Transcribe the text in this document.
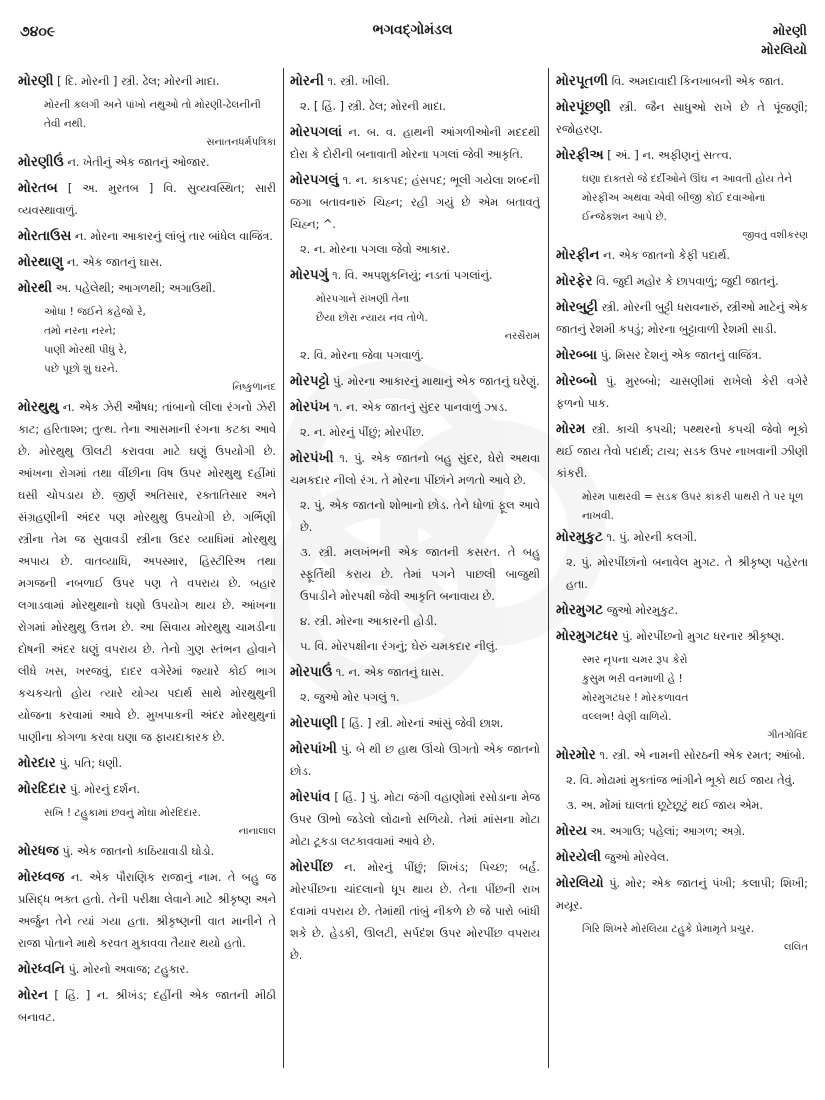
૭૪૦૯	ભગવદ્ગોમંડલ	મોરણી
મોરલિયો
મોરણી [ દિ. મોરની ] સ્ત્રી. ઢેલ; મોરની માદા.
મોરની કલગી અને પાંખો નથુઓ તો મોરણી-ઢેલનીની તેવી નથી.
સનાતનધર્મપત્રિકા
મોરણીઉં ન. ખેતીનું એક જાતનું ઓજાર.
મોરતબ [ અ. મુરતબ ] વિ. સુવ્યવસ્થિત; સારી વ્યવસ્થાવાળું.
મોરતાઉસ ન. મોરના આકારનું લાંબું તાર બાંધેલ વાજિંત્ર.
મોરથાણુ ન. એક જાતનું ઘાસ.
મોરથી અ. પહેલેથી; આગળથી; અગાઉથી.
ઓધા ! જઈને કહેજો રે,
તમો નરના નરને;
પાણી મોરથી પીધું રે,
પછે પૂછો શું ઘરને.
નિષ્કુળાનંદ
મોરથુથુ ન. એક ઝેરી ઔષધ; તાંબાનો લીલા રંગનો ઝેરી કાટ; હરિતાશ્મ; તુત્થ. તેના આસમાની રંગના કટકા આવે છે. મોરથુથુ ઊલટી કરાવવા માટે ઘણું ઉપયોગી છે. આંખના રોગમાં તથા વીંછીના વિષ ઉપર મોરથુથુ દહીંમાં ઘસી ચોપડાય છે. જીર્ણ અતિસાર, રક્તાતિસાર અને સંગ્રહણીની અંદર પણ મોરથુથુ ઉપયોગી છે. ગર્ભિણી સ્ત્રીના તેમ જ સુવાવડી સ્ત્રીના ઉદર વ્યાધિમાં મોરથુથુ અપાય છે. વાતવ્યાધિ, અપસ્માર, હિસ્ટીરિઅ તથા મગજની નબળાઈ ઉપર પણ તે વપરાય છે. બહાર લગાડવામાં મોરથુથાનો ઘણો ઉપયોગ થાય છે. આંખના રોગમાં મોરથુથુ ઉત્તમ છે. આ સિવાય મોરથુથુ ચામડીના દોષની અંદર ઘણું વપરાય છે. તેનો ગુણ સ્તંભન હોવાને લીધે ખસ, ખરજવું, દાદર વગેરેમાં જ્યારે કોઈ ભાગ કચકચતો હોય ત્યારે યોગ્ય પદાર્થ સાથે મોરથુથુની યોજના કરવામાં આવે છે. મુખપાકની અંદર મોરથુથુનાં પાણીના કોગળા કરવા ઘણા જ ફાયદાકારક છે.
મોરદાર પું. પતિ; ધણી.
મોરદિદાર પું. મોરનું દર્શન.
સખિ ! ટહુકામાં છવનું મોંઘા મોરદિદાર.
નાનાલાલ
મોરધજ પું. એક જાતનો કાઠિયાવાડી ઘોડો.
મોરધ્વજ ન. એક પૌરાણિક રાજાનું નામ. તે બહુ જ પ્રસિદ્ધ ભક્ત હતો. તેની પરીક્ષા લેવાને માટે શ્રીકૃષ્ણ અને અર્જુન તેને ત્યાં ગયા હતા. શ્રીકૃષ્ણની વાત માનીને તે રાજા પોતાને માથે કરવત મુકાવવા તૈયાર થયો હતો.
મોરધ્વનિ પું. મોરનો અવાજ; ટહુકાર.
મોરન [ હિં. ] ન. શ્રીખંડ; દહીંની એક જાતની મીઠી બનાવટ.
મોરની ૧. સ્ત્રી. ખીલી.
૨. [ હિં. ] સ્ત્રી. ઢેલ; મોરની માદા.
મોરપગલાં ન. બ. વ. હાથની આંગળીઓની મદદથી દોરા કે દોરીની બનાવાતી મોરના પગલાં જેવી આકૃતિ.
મોરપગલું ૧. ન. કાકપદ; હંસપદ; ભૂલી ગયેલા શબ્દની જગા બતાવનારું ચિહ્ન; રહી ગયું છે એમ બતાવતું ચિહ્ન; ^.
૨. ન. મોરના પગલા જેવો આકાર.
મોરપગું ૧. વિ. અપશુકનિયું; નડતાં પગલાંનું.
મોરપગાને રાંખણી તેના
છૈયા છોરા ન્યાય નવ તોળે.
નરસૈરામ
૨. વિ. મોરના જેવા પગવાળું.
મોરપટ્ટો પું. મોરના આકારનું માથાનું એક જાતનું ઘરેણું.
મોરપંખ ૧. ન. એક જાતનું સુંદર પાનવાળું ઝાડ.
૨. ન. મોરનું પીંછું; મોરપીંછ.
મોરપંખી ૧. પું. એક જાતનો બહુ સુંદર, ઘેરો અથવા ચમકદાર નીલો રંગ. તે મોરના પીંછાંને મળતો આવે છે.
૨. પું. એક જાતનો શોભાનો છોડ. તેને ધોળાં ફૂલ આવે છે.
૩. સ્ત્રી. મલખંભની એક જાતની કસરત. તે બહુ સ્ફૂર્તિથી કરાય છે. તેમાં પગને પાછલી બાજુથી ઉપાડીને મોરપક્ષી જેવી આકૃતિ બનાવાય છે.
૪. સ્ત્રી. મોરના આકારની હોડી.
૫. વિ. મોરપક્ષીના રંગનું; ઘેરું ચમકદાર નીલું.
મોરપાઉં ૧. ન. એક જાતનું ઘાસ.
૨. જુઓ મોર પગલું ૧.
મોરપાણી [ હિં. ] સ્ત્રી. મોરનાં આંસું જેવી છાશ.
મોરપાંખી પું. બે થી છ હાથ ઊંચો ઊગતો એક જાતનો છોડ.
મોરપાંવ [ હિં. ] પું. મોટા જંગી વહાણોમાં રસોડાના મેજ ઉપર ઊભો જડેલો લોઢાનો સળિયો. તેમાં માંસના મોટા મોટા ટૂકડા લટકાવવામાં આવે છે.
મોરપીંછ ન. મોરનું પીંછું; શિખંડ; પિચ્છ; બર્હ. મોરપીંછના ચાંદલાનો ધૂપ થાય છે. તેના પીંછની રાખ દવામાં વપરાય છે. તેમાંથી તાંબું નીકળે છે જે પારો બાંધી શકે છે. હેડકી, ઊલટી, સર્પદંશ ઉપર મોરપીંછ વપરાય છે.
મોરપૂતળી વિ. અમદાવાદી કિનખાબની એક જાત.
મોરપૂંછણી સ્ત્રી. જૈન સાધુઓ રાખે છે તે પૂંજણી; રજોહરણ.
મોરફીઅ [ અં. ] ન. અફીણનું સત્ત્વ.
ઘણા દાક્તરો જે દર્દીઓને ઊંઘ ન આવતી હોય તેને મોરફીઅ અથવા એવી બીજી કોઈ દવાઓનાં ઈન્જેકશન આપે છે.
જીવતું વશીકરણ
મોરફીન ન. એક જાતનો કેફી પદાર્થ.
મોરફેર વિ. જુદી મહોર કે છાપવાળું; જુદી જાતનું.
મોરબુટ્ટી સ્ત્રી. મોરની બુટ્ટી ધરાવનારું, સ્ત્રીઓ માટેનું એક જાતનું રેશમી કપડું; મોરના બુટ્ટાવાળી રેશમી સાડી.
મોરબ્બા પું. મિસર દેશનું એક જાતનું વાજિંત્ર.
મોરબ્બો પું. મુરબ્બો; ચાસણીમાં રાખેલો કેરી વગેરે ફળનો પાક.
મોરમ સ્ત્રી. કાચી કપચી; પથ્થરનો કપચી જેવો ભૂકો થઈ જાય તેવો પદાર્થ; ટાચ; સડક ઉપર નાખવાની ઝીણી કાંકરી.
મોરમ પાથરવી = સડક ઉપર કાંકરી પાથરી તે પર ધૂળ નાખવી.
મોરમુકુટ ૧. પું. મોરની કલગી.
૨. પું. મોરપીંછાંનો બનાવેલ મુગટ. તે શ્રીકૃષ્ણ પહેરતા હતા.
મોરમુગટ જુઓ મોરમુકુટ.
મોરમુગટધર પું. મોરપીંછનો મુગટ ધરનાર શ્રીકૃષ્ણ.
સ્મર નૃપના ચમર રૂપ કેરો
કુસુમ ભરી વનમાળી હે !
મોરમુગટધર ! મોરકળાવત
વલ્લભ! વેણી વાળિયે.
ગીતગોવિંદ
મોરમોર ૧. સ્ત્રી. એ નામની સોરઠની એક રમત; આંબો.
૨. વિ. મોઢામાં મુકતાંજ ભાંગીને ભૂકો થઈ જાય તેવું.
૩. અ. મોંમાં ઘાલતાં છૂટેછૂટું થઈ જાય એમ.
મોરય અ. અગાઉ; પહેલાં; આગળ; અગ્રે.
મોરયેલી જુઓ મોરવેલ.
મોરલિયો પું. મોર; એક જાતનું પંખી; કલાપી; શિખી; મયૂર.
ગિરિ શિખરે મોરલિયા ટહુકે પ્રેમામૃતે પ્રચુર.
લલિત
